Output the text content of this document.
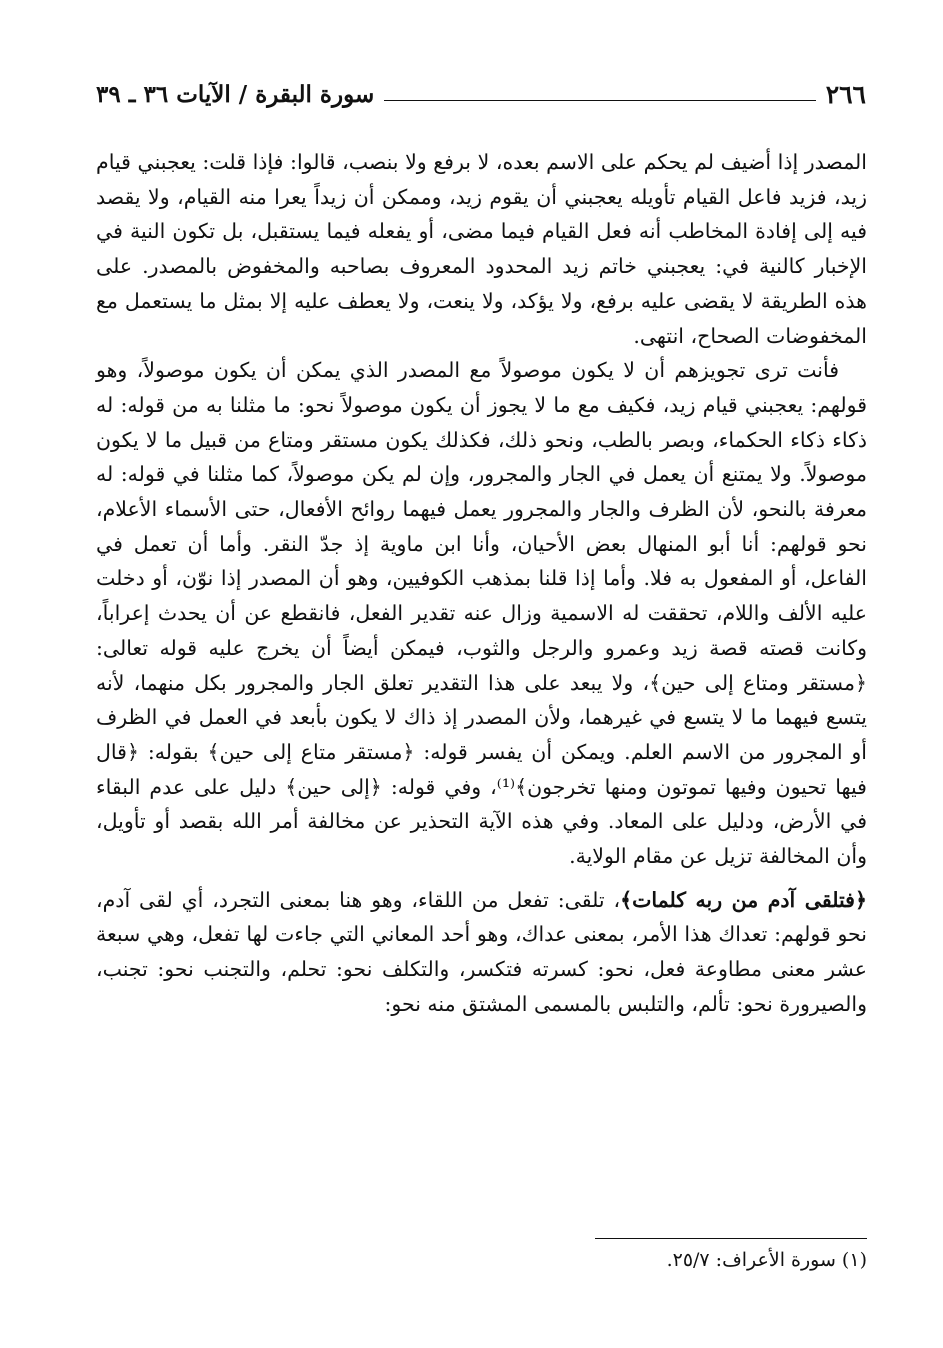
٢٦٦
سورة البقرة / الآيات ٣٦ ـ ٣٩

المصدر إذا أضيف لم يحكم على الاسم بعده، لا برفع ولا بنصب، قالوا: فإذا قلت: يعجبني قيام زيد، فزيد فاعل القيام تأويله يعجبني أن يقوم زيد، وممكن أن زيداً يعرا منه القيام، ولا يقصد فيه إلى إفادة المخاطب أنه فعل القيام فيما مضى، أو يفعله فيما يستقبل، بل تكون النية في الإخبار كالنية في: يعجبني خاتم زيد المحدود المعروف بصاحبه والمخفوض بالمصدر. على هذه الطريقة لا يقضى عليه برفع، ولا يؤكد، ولا ينعت، ولا يعطف عليه إلا بمثل ما يستعمل مع المخفوضات الصحاح، انتهى.

فأنت ترى تجويزهم أن لا يكون موصولاً مع المصدر الذي يمكن أن يكون موصولاً، وهو قولهم: يعجبني قيام زيد، فكيف مع ما لا يجوز أن يكون موصولاً نحو: ما مثلنا به من قوله: له ذكاء ذكاء الحكماء، وبصر بالطب، ونحو ذلك، فكذلك يكون مستقر ومتاع من قبيل ما لا يكون موصولاً. ولا يمتنع أن يعمل في الجار والمجرور، وإن لم يكن موصولاً، كما مثلنا في قوله: له معرفة بالنحو، لأن الظرف والجار والمجرور يعمل فيهما روائح الأفعال، حتى الأسماء الأعلام، نحو قولهم: أنا أبو المنهال بعض الأحيان، وأنا ابن ماوية إذ جدّ النقر. وأما أن تعمل في الفاعل، أو المفعول به فلا. وأما إذا قلنا بمذهب الكوفيين، وهو أن المصدر إذا نوّن، أو دخلت عليه الألف واللام، تحققت له الاسمية وزال عنه تقدير الفعل، فانقطع عن أن يحدث إعراباً، وكانت قصته قصة زيد وعمرو والرجل والثوب، فيمكن أيضاً أن يخرج عليه قوله تعالى: ﴿مستقر ومتاع إلى حين﴾، ولا يبعد على هذا التقدير تعلق الجار والمجرور بكل منهما، لأنه يتسع فيهما ما لا يتسع في غيرهما، ولأن المصدر إذ ذاك لا يكون بأبعد في العمل في الظرف أو المجرور من الاسم العلم. ويمكن أن يفسر قوله: ﴿مستقر متاع إلى حين﴾ بقوله: ﴿قال فيها تحيون وفيها تموتون ومنها تخرجون﴾⁽¹⁾، وفي قوله: ﴿إلى حين﴾ دليل على عدم البقاء في الأرض، ودليل على المعاد. وفي هذه الآية التحذير عن مخالفة أمر الله بقصد أو تأويل، وأن المخالفة تزيل عن مقام الولاية.

﴿فتلقى آدم من ربه كلمات﴾، تلقى: تفعل من اللقاء، وهو هنا بمعنى التجرد، أي لقى آدم، نحو قولهم: تعداك هذا الأمر، بمعنى عداك، وهو أحد المعاني التي جاءت لها تفعل، وهي سبعة عشر معنى مطاوعة فعل، نحو: كسرته فتكسر، والتكلف نحو: تحلم، والتجنب نحو: تجنب، والصيرورة نحو: تألم، والتلبس بالمسمى المشتق منه نحو:

(١) سورة الأعراف: ٢٥/٧.
